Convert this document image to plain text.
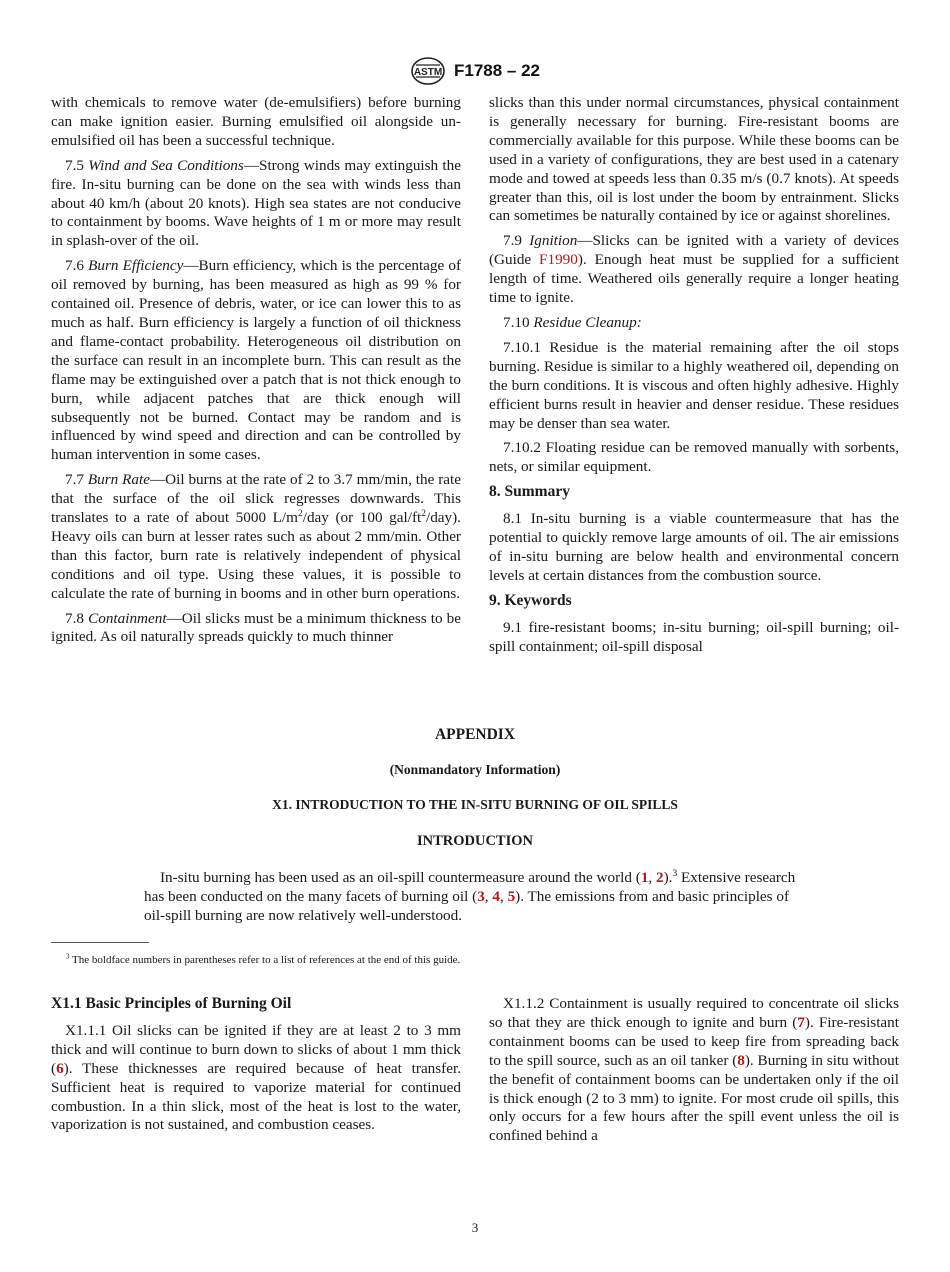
ASTM F1788 – 22

with chemicals to remove water (de-emulsifiers) before burning can make ignition easier. Burning emulsified oil alongside un-emulsified oil has been a successful technique.

7.5 Wind and Sea Conditions—Strong winds may extinguish the fire. In-situ burning can be done on the sea with winds less than about 40 km/h (about 20 knots). High sea states are not conducive to containment by booms. Wave heights of 1 m or more may result in splash-over of the oil.

7.6 Burn Efficiency—Burn efficiency, which is the percentage of oil removed by burning, has been measured as high as 99 % for contained oil. Presence of debris, water, or ice can lower this to as much as half. Burn efficiency is largely a function of oil thickness and flame-contact probability. Heterogeneous oil distribution on the surface can result in an incomplete burn. This can result as the flame may be extinguished over a patch that is not thick enough to burn, while adjacent patches that are thick enough will subsequently not be burned. Contact may be random and is influenced by wind speed and direction and can be controlled by human intervention in some cases.

7.7 Burn Rate—Oil burns at the rate of 2 to 3.7 mm/min, the rate that the surface of the oil slick regresses downwards. This translates to a rate of about 5000 $L/m^2$/day (or 100 gal/$ft^2/day$). Heavy oils can burn at lesser rates such as about 2 mm/min. Other than this factor, burn rate is relatively independent of physical conditions and oil type. Using these values, it is possible to calculate the rate of burning in booms and in other burn operations.

7.8 Containment—Oil slicks must be a minimum thickness to be ignited. As oil naturally spreads quickly to much thinner

slicks than this under normal circumstances, physical containment is generally necessary for burning. Fire-resistant booms are commercially available for this purpose. While these booms can be used in a variety of configurations, they are best used in a catenary mode and towed at speeds less than 0.35 m/s (0.7 knots). At speeds greater than this, oil is lost under the boom by entrainment. Slicks can sometimes be naturally contained by ice or against shorelines.

7.9 Ignition—Slicks can be ignited with a variety of devices (Guide F1990). Enough heat must be supplied for a sufficient length of time. Weathered oils generally require a longer heating time to ignite.

7.10 Residue Cleanup:

7.10.1 Residue is the material remaining after the oil stops burning. Residue is similar to a highly weathered oil, depending on the burn conditions. It is viscous and often highly adhesive. Highly efficient burns result in heavier and denser residue. These residues may be denser than sea water.

7.10.2 Floating residue can be removed manually with sorbents, nets, or similar equipment.

8. Summary

8.1 In-situ burning is a viable countermeasure that has the potential to quickly remove large amounts of oil. The air emissions of in-situ burning are below health and environmental concern levels at certain distances from the combustion source.

9. Keywords

9.1 fire-resistant booms; in-situ burning; oil-spill burning; oil-spill containment; oil-spill disposal

APPENDIX
(Nonmandatory Information)
X1. INTRODUCTION TO THE IN-SITU BURNING OF OIL SPILLS
INTRODUCTION
In-situ burning has been used as an oil-spill countermeasure around the world (1, 2).$^3$ Extensive research has been conducted on the many facets of burning oil (3, 4, 5). The emissions from and basic principles of oil-spill burning are now relatively well-understood.
$^3$ The boldface numbers in parentheses refer to a list of references at the end of this guide.
X1.1 Basic Principles of Burning Oil

X1.1.1 Oil slicks can be ignited if they are at least 2 to 3 mm thick and will continue to burn down to slicks of about 1 mm thick (6). These thicknesses are required because of heat transfer. Sufficient heat is required to vaporize material for continued combustion. In a thin slick, most of the heat is lost to the water, vaporization is not sustained, and combustion ceases.

X1.1.2 Containment is usually required to concentrate oil slicks so that they are thick enough to ignite and burn (7). Fire-resistant containment booms can be used to keep fire from spreading back to the spill source, such as an oil tanker (8). Burning in situ without the benefit of containment booms can be undertaken only if the oil is thick enough (2 to 3 mm) to ignite. For most crude oil spills, this only occurs for a few hours after the spill event unless the oil is confined behind a

3
